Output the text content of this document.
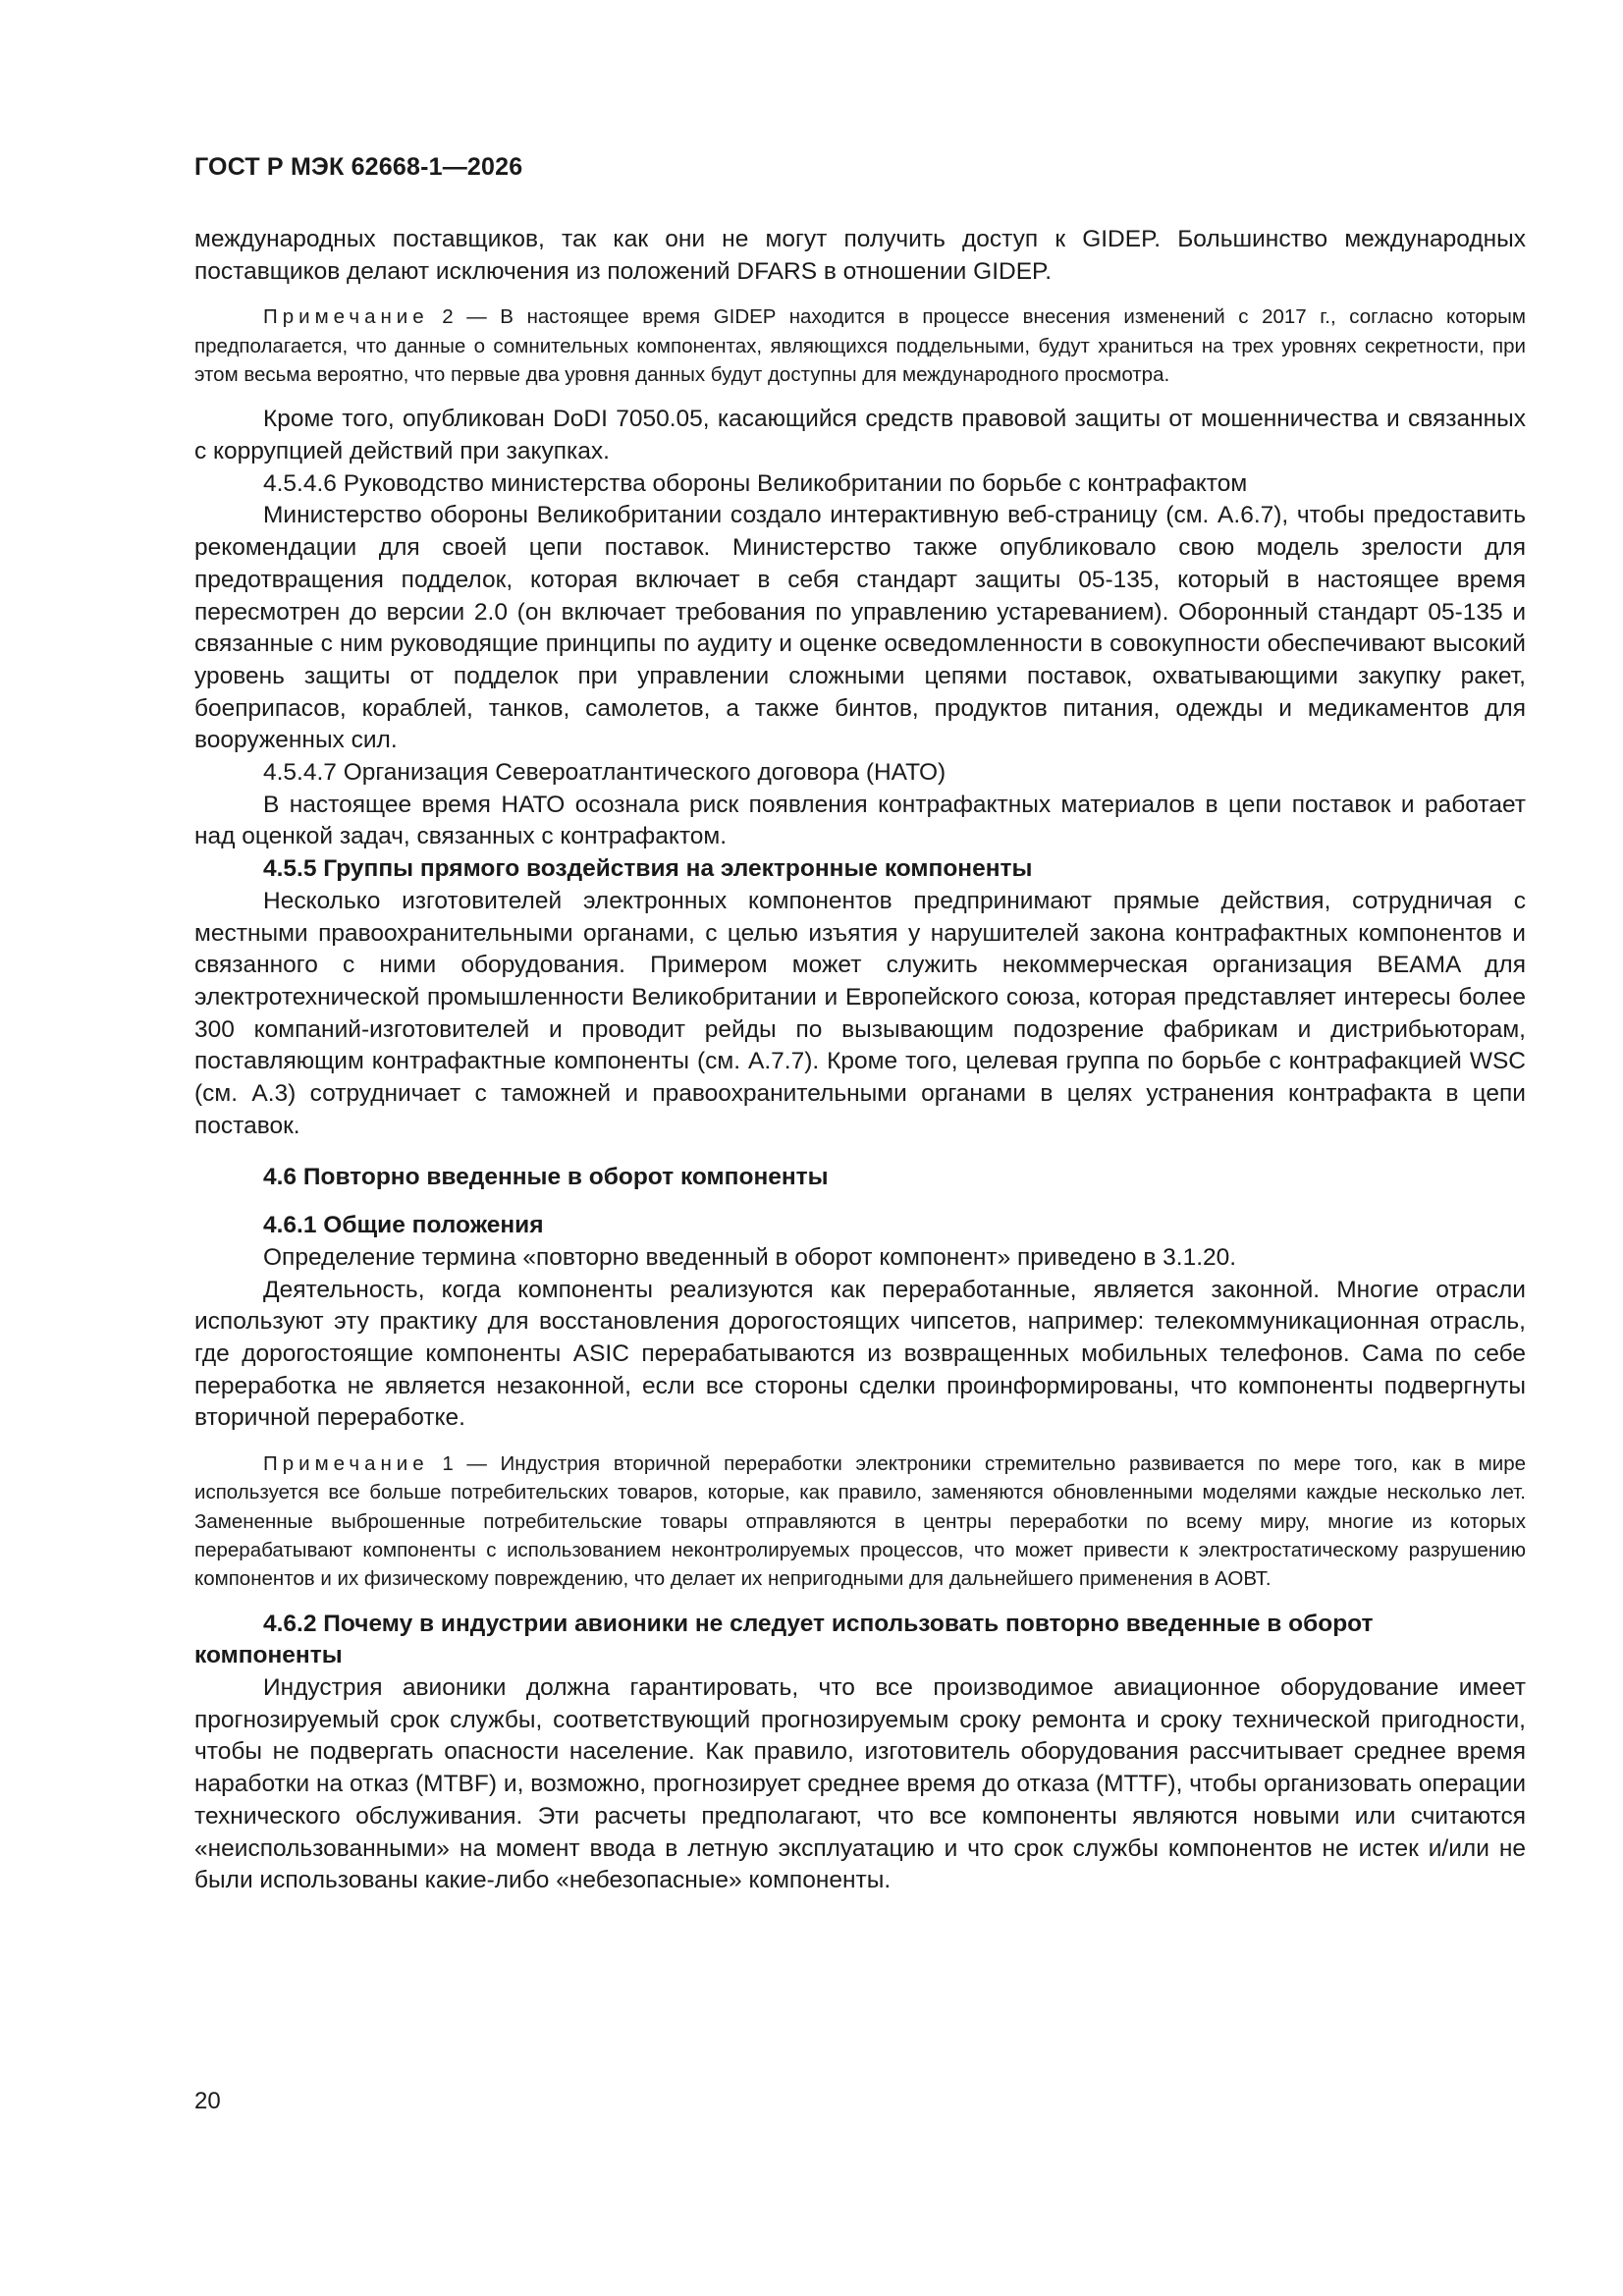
ГОСТ Р МЭК 62668-1—2026

международных поставщиков, так как они не могут получить доступ к GIDEP. Большинство международных поставщиков делают исключения из положений DFARS в отношении GIDEP.

Примечание 2 — В настоящее время GIDEP находится в процессе внесения изменений с 2017 г., согласно которым предполагается, что данные о сомнительных компонентах, являющихся поддельными, будут храниться на трех уровнях секретности, при этом весьма вероятно, что первые два уровня данных будут доступны для международного просмотра.

Кроме того, опубликован DoDI 7050.05, касающийся средств правовой защиты от мошенничества и связанных с коррупцией действий при закупках.

4.5.4.6 Руководство министерства обороны Великобритании по борьбе с контрафактом

Министерство обороны Великобритании создало интерактивную веб-страницу (см. А.6.7), чтобы предоставить рекомендации для своей цепи поставок. Министерство также опубликовало свою модель зрелости для предотвращения подделок, которая включает в себя стандарт защиты 05-135, который в настоящее время пересмотрен до версии 2.0 (он включает требования по управлению устареванием). Оборонный стандарт 05-135 и связанные с ним руководящие принципы по аудиту и оценке осведомленности в совокупности обеспечивают высокий уровень защиты от подделок при управлении сложными цепями поставок, охватывающими закупку ракет, боеприпасов, кораблей, танков, самолетов, а также бинтов, продуктов питания, одежды и медикаментов для вооруженных сил.

4.5.4.7 Организация Североатлантического договора (НАТО)

В настоящее время НАТО осознала риск появления контрафактных материалов в цепи поставок и работает над оценкой задач, связанных с контрафактом.

4.5.5 Группы прямого воздействия на электронные компоненты

Несколько изготовителей электронных компонентов предпринимают прямые действия, сотрудничая с местными правоохранительными органами, с целью изъятия у нарушителей закона контрафактных компонентов и связанного с ними оборудования. Примером может служить некоммерческая организация BEAMA для электротехнической промышленности Великобритании и Европейского союза, которая представляет интересы более 300 компаний-изготовителей и проводит рейды по вызывающим подозрение фабрикам и дистрибьюторам, поставляющим контрафактные компоненты (см. А.7.7). Кроме того, целевая группа по борьбе с контрафакцией WSC (см. А.3) сотрудничает с таможней и правоохранительными органами в целях устранения контрафакта в цепи поставок.

4.6 Повторно введенные в оборот компоненты

4.6.1 Общие положения

Определение термина «повторно введенный в оборот компонент» приведено в 3.1.20.

Деятельность, когда компоненты реализуются как переработанные, является законной. Многие отрасли используют эту практику для восстановления дорогостоящих чипсетов, например: телекоммуникационная отрасль, где дорогостоящие компоненты ASIC перерабатываются из возвращенных мобильных телефонов. Сама по себе переработка не является незаконной, если все стороны сделки проинформированы, что компоненты подвергнуты вторичной переработке.

Примечание 1 — Индустрия вторичной переработки электроники стремительно развивается по мере того, как в мире используется все больше потребительских товаров, которые, как правило, заменяются обновленными моделями каждые несколько лет. Замененные выброшенные потребительские товары отправляются в центры переработки по всему миру, многие из которых перерабатывают компоненты с использованием неконтролируемых процессов, что может привести к электростатическому разрушению компонентов и их физическому повреждению, что делает их непригодными для дальнейшего применения в АОВТ.

4.6.2 Почему в индустрии авионики не следует использовать повторно введенные в оборот компоненты

Индустрия авионики должна гарантировать, что все производимое авиационное оборудование имеет прогнозируемый срок службы, соответствующий прогнозируемым сроку ремонта и сроку технической пригодности, чтобы не подвергать опасности население. Как правило, изготовитель оборудования рассчитывает среднее время наработки на отказ (MTBF) и, возможно, прогнозирует среднее время до отказа (MTTF), чтобы организовать операции технического обслуживания. Эти расчеты предполагают, что все компоненты являются новыми или считаются «неиспользованными» на момент ввода в летную эксплуатацию и что срок службы компонентов не истек и/или не были использованы какие-либо «небезопасные» компоненты.

20
